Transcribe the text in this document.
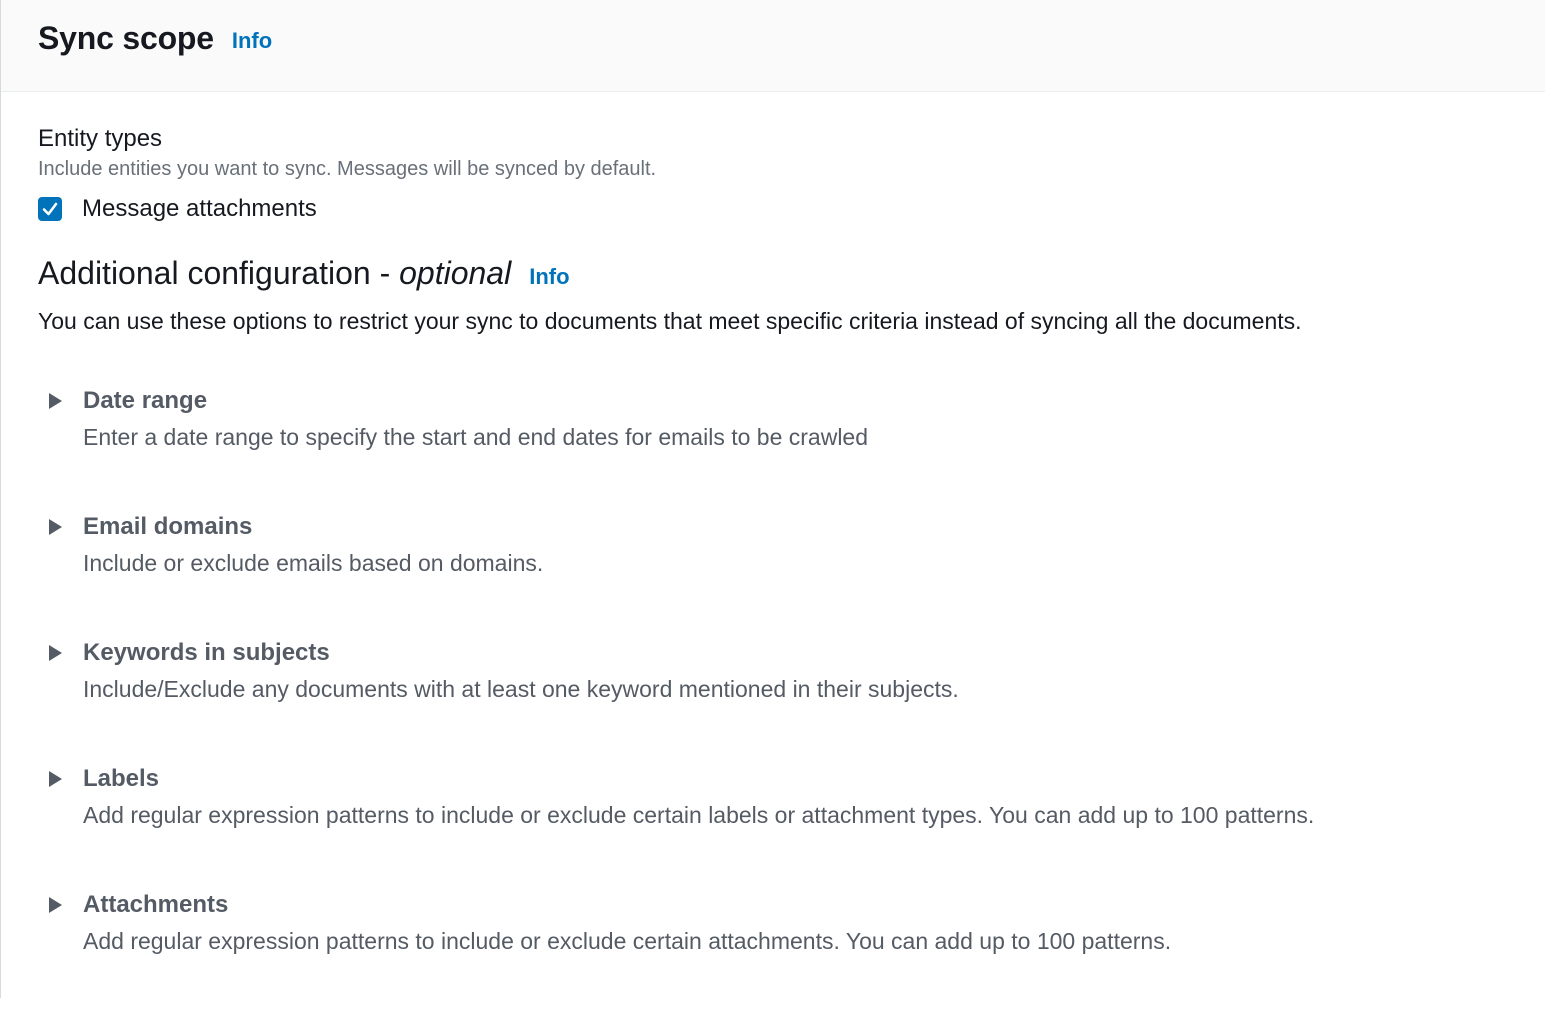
Sync scope Info
Entity types
Include entities you want to sync. Messages will be synced by default.
Message attachments
Additional configuration - optional Info
You can use these options to restrict your sync to documents that meet specific criteria instead of syncing all the documents.
Date range
Enter a date range to specify the start and end dates for emails to be crawled
Email domains
Include or exclude emails based on domains.
Keywords in subjects
Include/Exclude any documents with at least one keyword mentioned in their subjects.
Labels
Add regular expression patterns to include or exclude certain labels or attachment types. You can add up to 100 patterns.
Attachments
Add regular expression patterns to include or exclude certain attachments. You can add up to 100 patterns.
